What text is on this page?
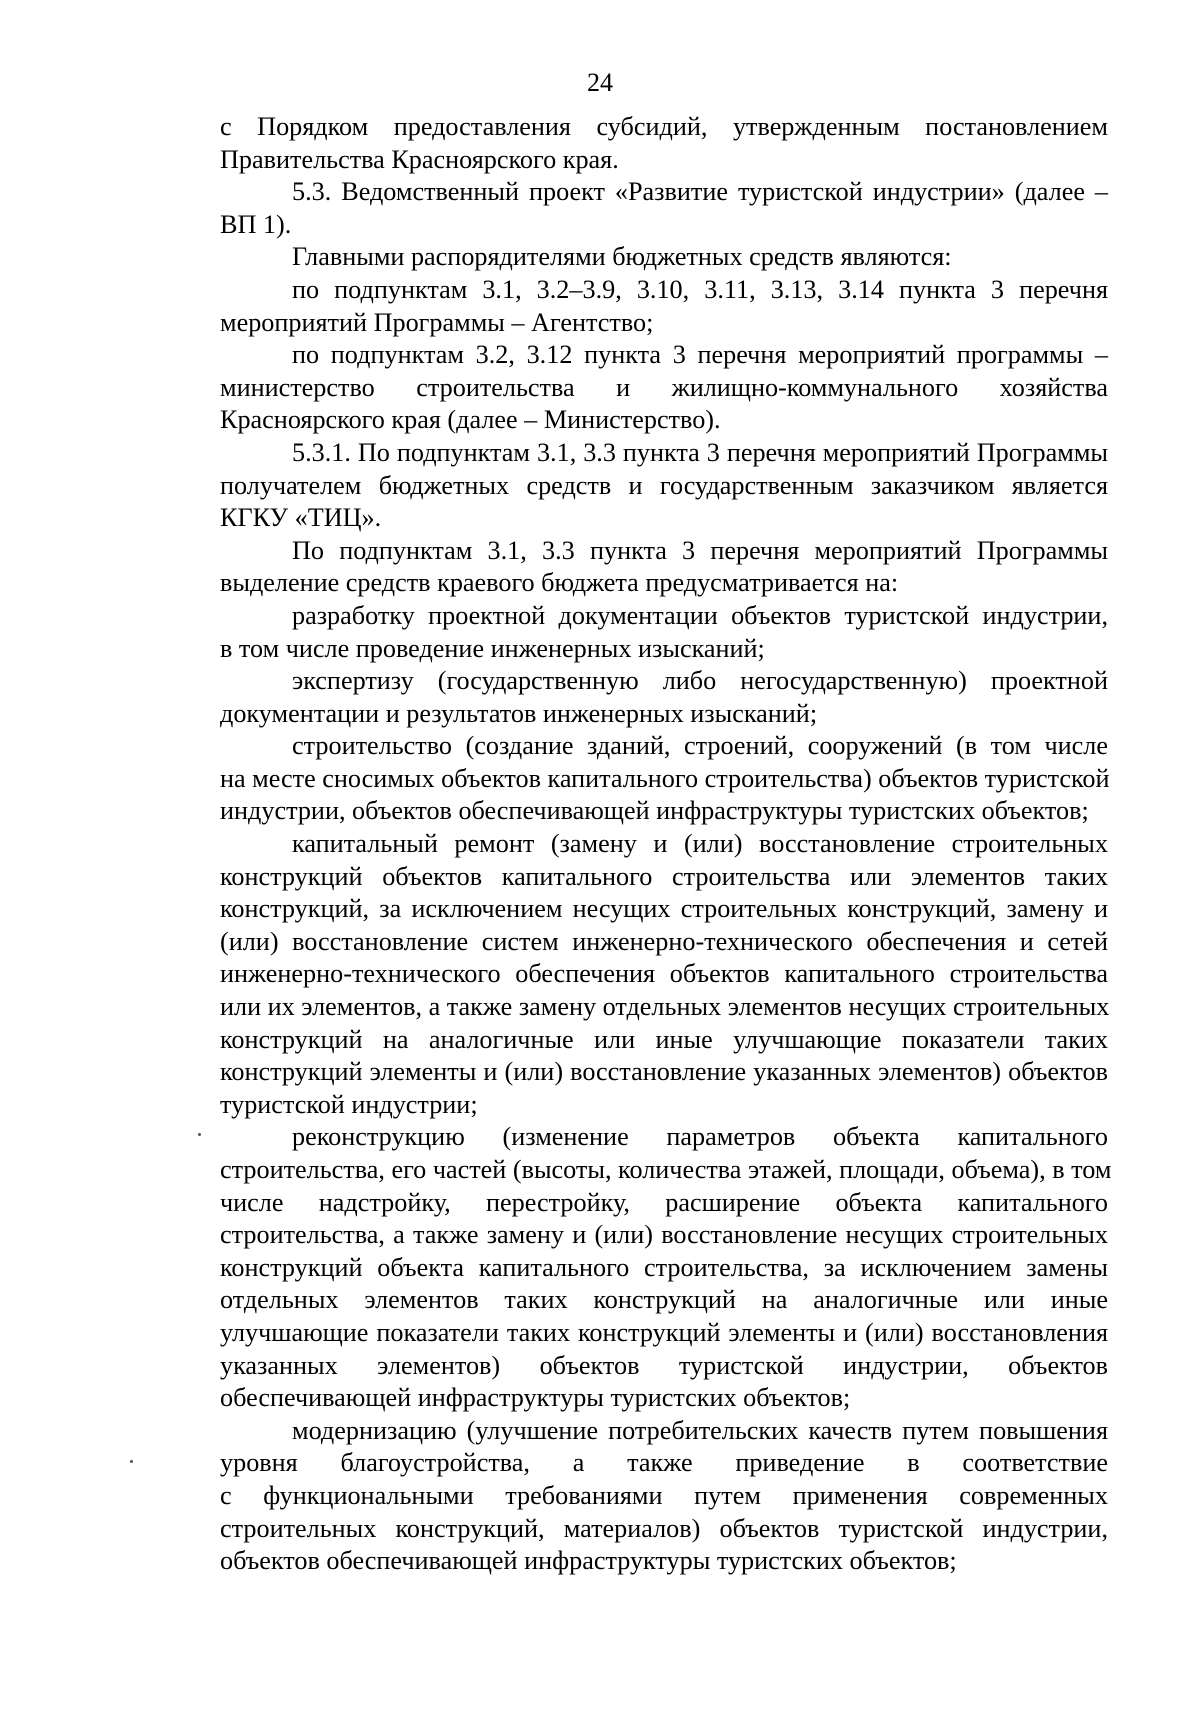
24

с Порядком предоставления субсидий, утвержденным постановлением
Правительства Красноярского края.

5.3. Ведомственный проект «Развитие туристской индустрии» (далее –
ВП 1).

Главными распорядителями бюджетных средств являются:

по подпунктам 3.1, 3.2–3.9, 3.10, 3.11, 3.13, 3.14 пункта 3 перечня
мероприятий Программы – Агентство;

по подпунктам 3.2, 3.12 пункта 3 перечня мероприятий программы –
министерство строительства и жилищно-коммунального хозяйства
Красноярского края (далее – Министерство).

5.3.1. По подпунктам 3.1, 3.3 пункта 3 перечня мероприятий Программы
получателем бюджетных средств и государственным заказчиком является
КГКУ «ТИЦ».

По подпунктам 3.1, 3.3 пункта 3 перечня мероприятий Программы
выделение средств краевого бюджета предусматривается на:

разработку проектной документации объектов туристской индустрии,
в том числе проведение инженерных изысканий;

экспертизу (государственную либо негосударственную) проектной
документации и результатов инженерных изысканий;

строительство (создание зданий, строений, сооружений (в том числе
на месте сносимых объектов капитального строительства) объектов туристской
индустрии, объектов обеспечивающей инфраструктуры туристских объектов;

капитальный ремонт (замену и (или) восстановление строительных
конструкций объектов капитального строительства или элементов таких
конструкций, за исключением несущих строительных конструкций, замену и
(или) восстановление систем инженерно-технического обеспечения и сетей
инженерно-технического обеспечения объектов капитального строительства
или их элементов, а также замену отдельных элементов несущих строительных
конструкций на аналогичные или иные улучшающие показатели таких
конструкций элементы и (или) восстановление указанных элементов) объектов
туристской индустрии;

реконструкцию (изменение параметров объекта капитального
строительства, его частей (высоты, количества этажей, площади, объема), в том
числе надстройку, перестройку, расширение объекта капитального
строительства, а также замену и (или) восстановление несущих строительных
конструкций объекта капитального строительства, за исключением замены
отдельных элементов таких конструкций на аналогичные или иные
улучшающие показатели таких конструкций элементы и (или) восстановления
указанных элементов) объектов туристской индустрии, объектов
обеспечивающей инфраструктуры туристских объектов;

модернизацию (улучшение потребительских качеств путем повышения
уровня благоустройства, а также приведение в соответствие
с функциональными требованиями путем применения современных
строительных конструкций, материалов) объектов туристской индустрии,
объектов обеспечивающей инфраструктуры туристских объектов;
